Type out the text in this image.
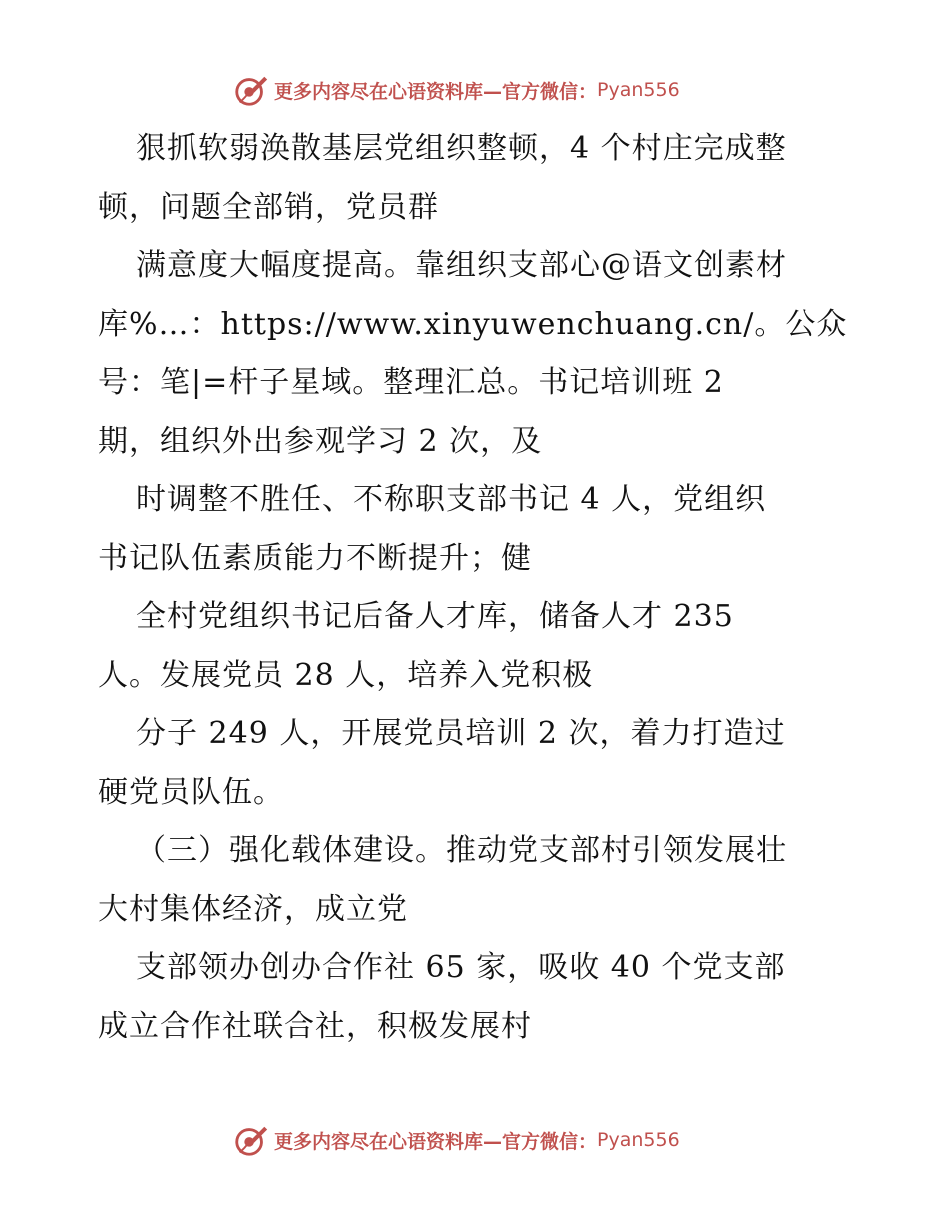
更多内容尽在心语资料库—官方微信： Pyan556
狠抓软弱涣散基层党组织整顿，4 个村庄完成整
顿，问题全部销，党员群
满意度大幅度提高。靠组织支部心@语文创素材
库%…：https://www.xinyuwenchuang.cn/。公众
号：笔|=杆子星域。整理汇总。书记培训班 2
期，组织外出参观学习 2 次，及
时调整不胜任、不称职支部书记 4 人，党组织
书记队伍素质能力不断提升；健
全村党组织书记后备人才库，储备人才 235
人。发展党员 28 人，培养入党积极
分子 249 人，开展党员培训 2 次，着力打造过
硬党员队伍。
（三）强化载体建设。推动党支部村引领发展壮
大村集体经济，成立党
支部领办创办合作社 65 家，吸收 40 个党支部
成立合作社联合社，积极发展村
更多内容尽在心语资料库—官方微信： Pyan556
